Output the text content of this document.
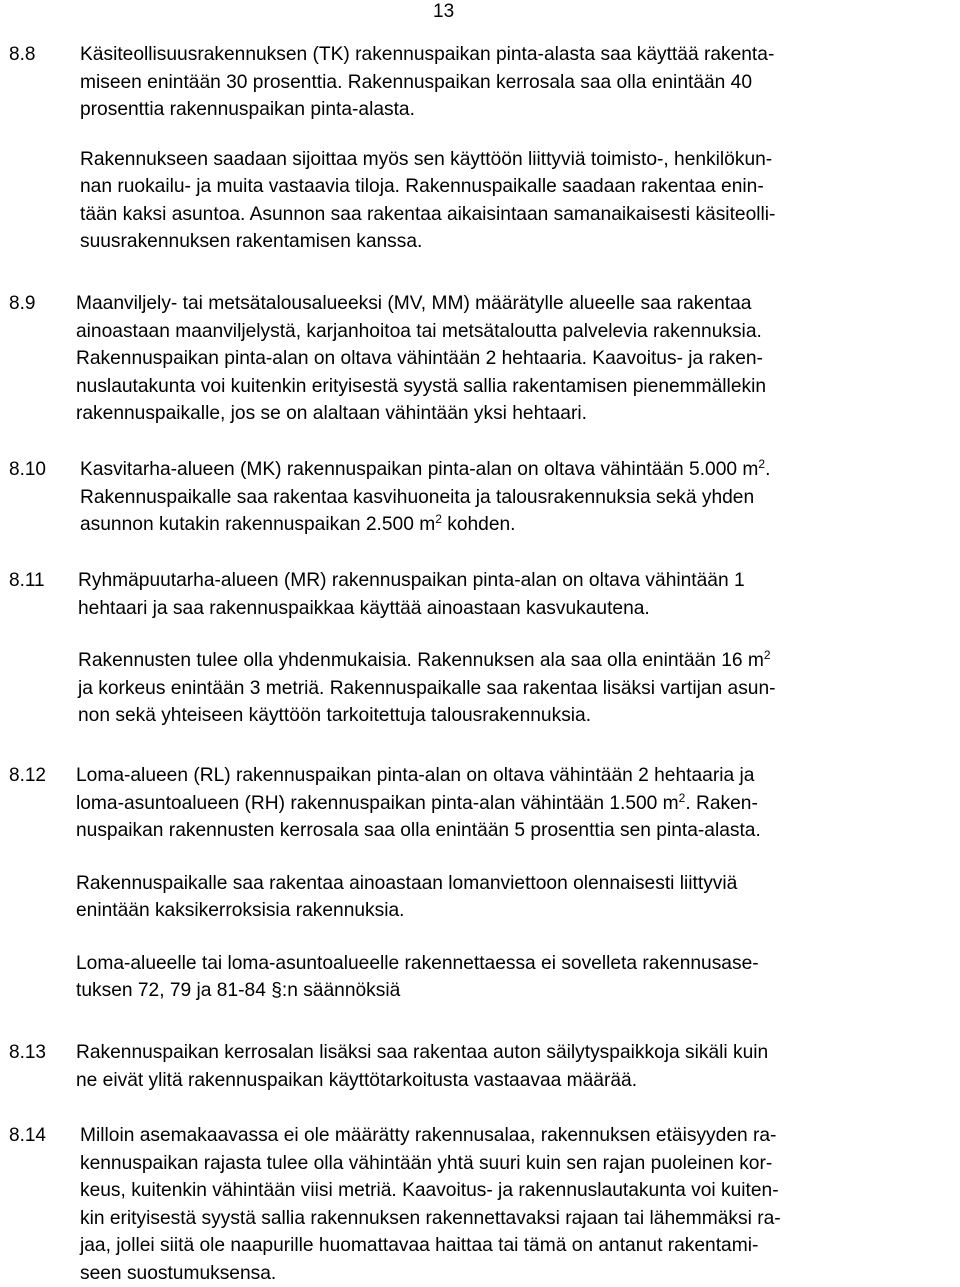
13
8.8 Käsiteollisuusrakennuksen (TK) rakennuspaikan pinta-alasta saa käyttää rakenta-
miseen enintään 30 prosenttia. Rakennuspaikan kerrosala saa olla enintään 40
prosenttia rakennuspaikan pinta-alasta.

Rakennukseen saadaan sijoittaa myös sen käyttöön liittyviä toimisto-, henkilökun-
nan ruokailu- ja muita vastaavia tiloja. Rakennuspaikalle saadaan rakentaa enin-
tään kaksi asuntoa. Asunnon saa rakentaa aikaisintaan samanaikaisesti käsiteolli-
suusrakennuksen rakentamisen kanssa.

8.9 Maanviljely- tai metsätalousalueeksi (MV, MM) määrätylle alueelle saa rakentaa
ainoastaan maanviljelystä, karjanhoitoa tai metsätaloutta palvelevia rakennuksia.
Rakennuspaikan pinta-alan on oltava vähintään 2 hehtaaria. Kaavoitus- ja raken-
nuslautakunta voi kuitenkin erityisestä syystä sallia rakentamisen pienemmällekin
rakennuspaikalle, jos se on alaltaan vähintään yksi hehtaari.

8.10 Kasvitarha-alueen (MK) rakennuspaikan pinta-alan on oltava vähintään 5.000 $m^2$.
Rakennuspaikalle saa rakentaa kasvihuoneita ja talousrakennuksia sekä yhden
asunnon kutakin rakennuspaikan 2.500 $m^2$ kohden.

8.11 Ryhmäpuutarha-alueen (MR) rakennuspaikan pinta-alan on oltava vähintään 1
hehtaari ja saa rakennuspaikkaa käyttää ainoastaan kasvukautena.

Rakennusten tulee olla yhdenmukaisia. Rakennuksen ala saa olla enintään 16 $m^2$
ja korkeus enintään 3 metriä. Rakennuspaikalle saa rakentaa lisäksi vartijan asun-
non sekä yhteiseen käyttöön tarkoitettuja talousrakennuksia.

8.12 Loma-alueen (RL) rakennuspaikan pinta-alan on oltava vähintään 2 hehtaaria ja
loma-asuntoalueen (RH) rakennuspaikan pinta-alan vähintään 1.500 $m^2$. Raken-
nuspaikan rakennusten kerrosala saa olla enintään 5 prosenttia sen pinta-alasta.

Rakennuspaikalle saa rakentaa ainoastaan lomanviettoon olennaisesti liittyviä
enintään kaksikerroksisia rakennuksia.

Loma-alueelle tai loma-asuntoalueelle rakennettaessa ei sovelleta rakennusase-
tuksen 72, 79 ja 81-84 §:n säännöksiä

8.13 Rakennuspaikan kerrosalan lisäksi saa rakentaa auton säilytyspaikkoja sikäli kuin
ne eivät ylitä rakennuspaikan käyttötarkoitusta vastaavaa määrää.

8.14 Milloin asemakaavassa ei ole määrätty rakennusalaa, rakennuksen etäisyyden ra-
kennuspaikan rajasta tulee olla vähintään yhtä suuri kuin sen rajan puoleinen kor-
keus, kuitenkin vähintään viisi metriä. Kaavoitus- ja rakennuslautakunta voi kuiten-
kin erityisestä syystä sallia rakennuksen rakennettavaksi rajaan tai lähemmäksi ra-
jaa, jollei siitä ole naapurille huomattavaa haittaa tai tämä on antanut rakentami-
seen suostumuksensa.
